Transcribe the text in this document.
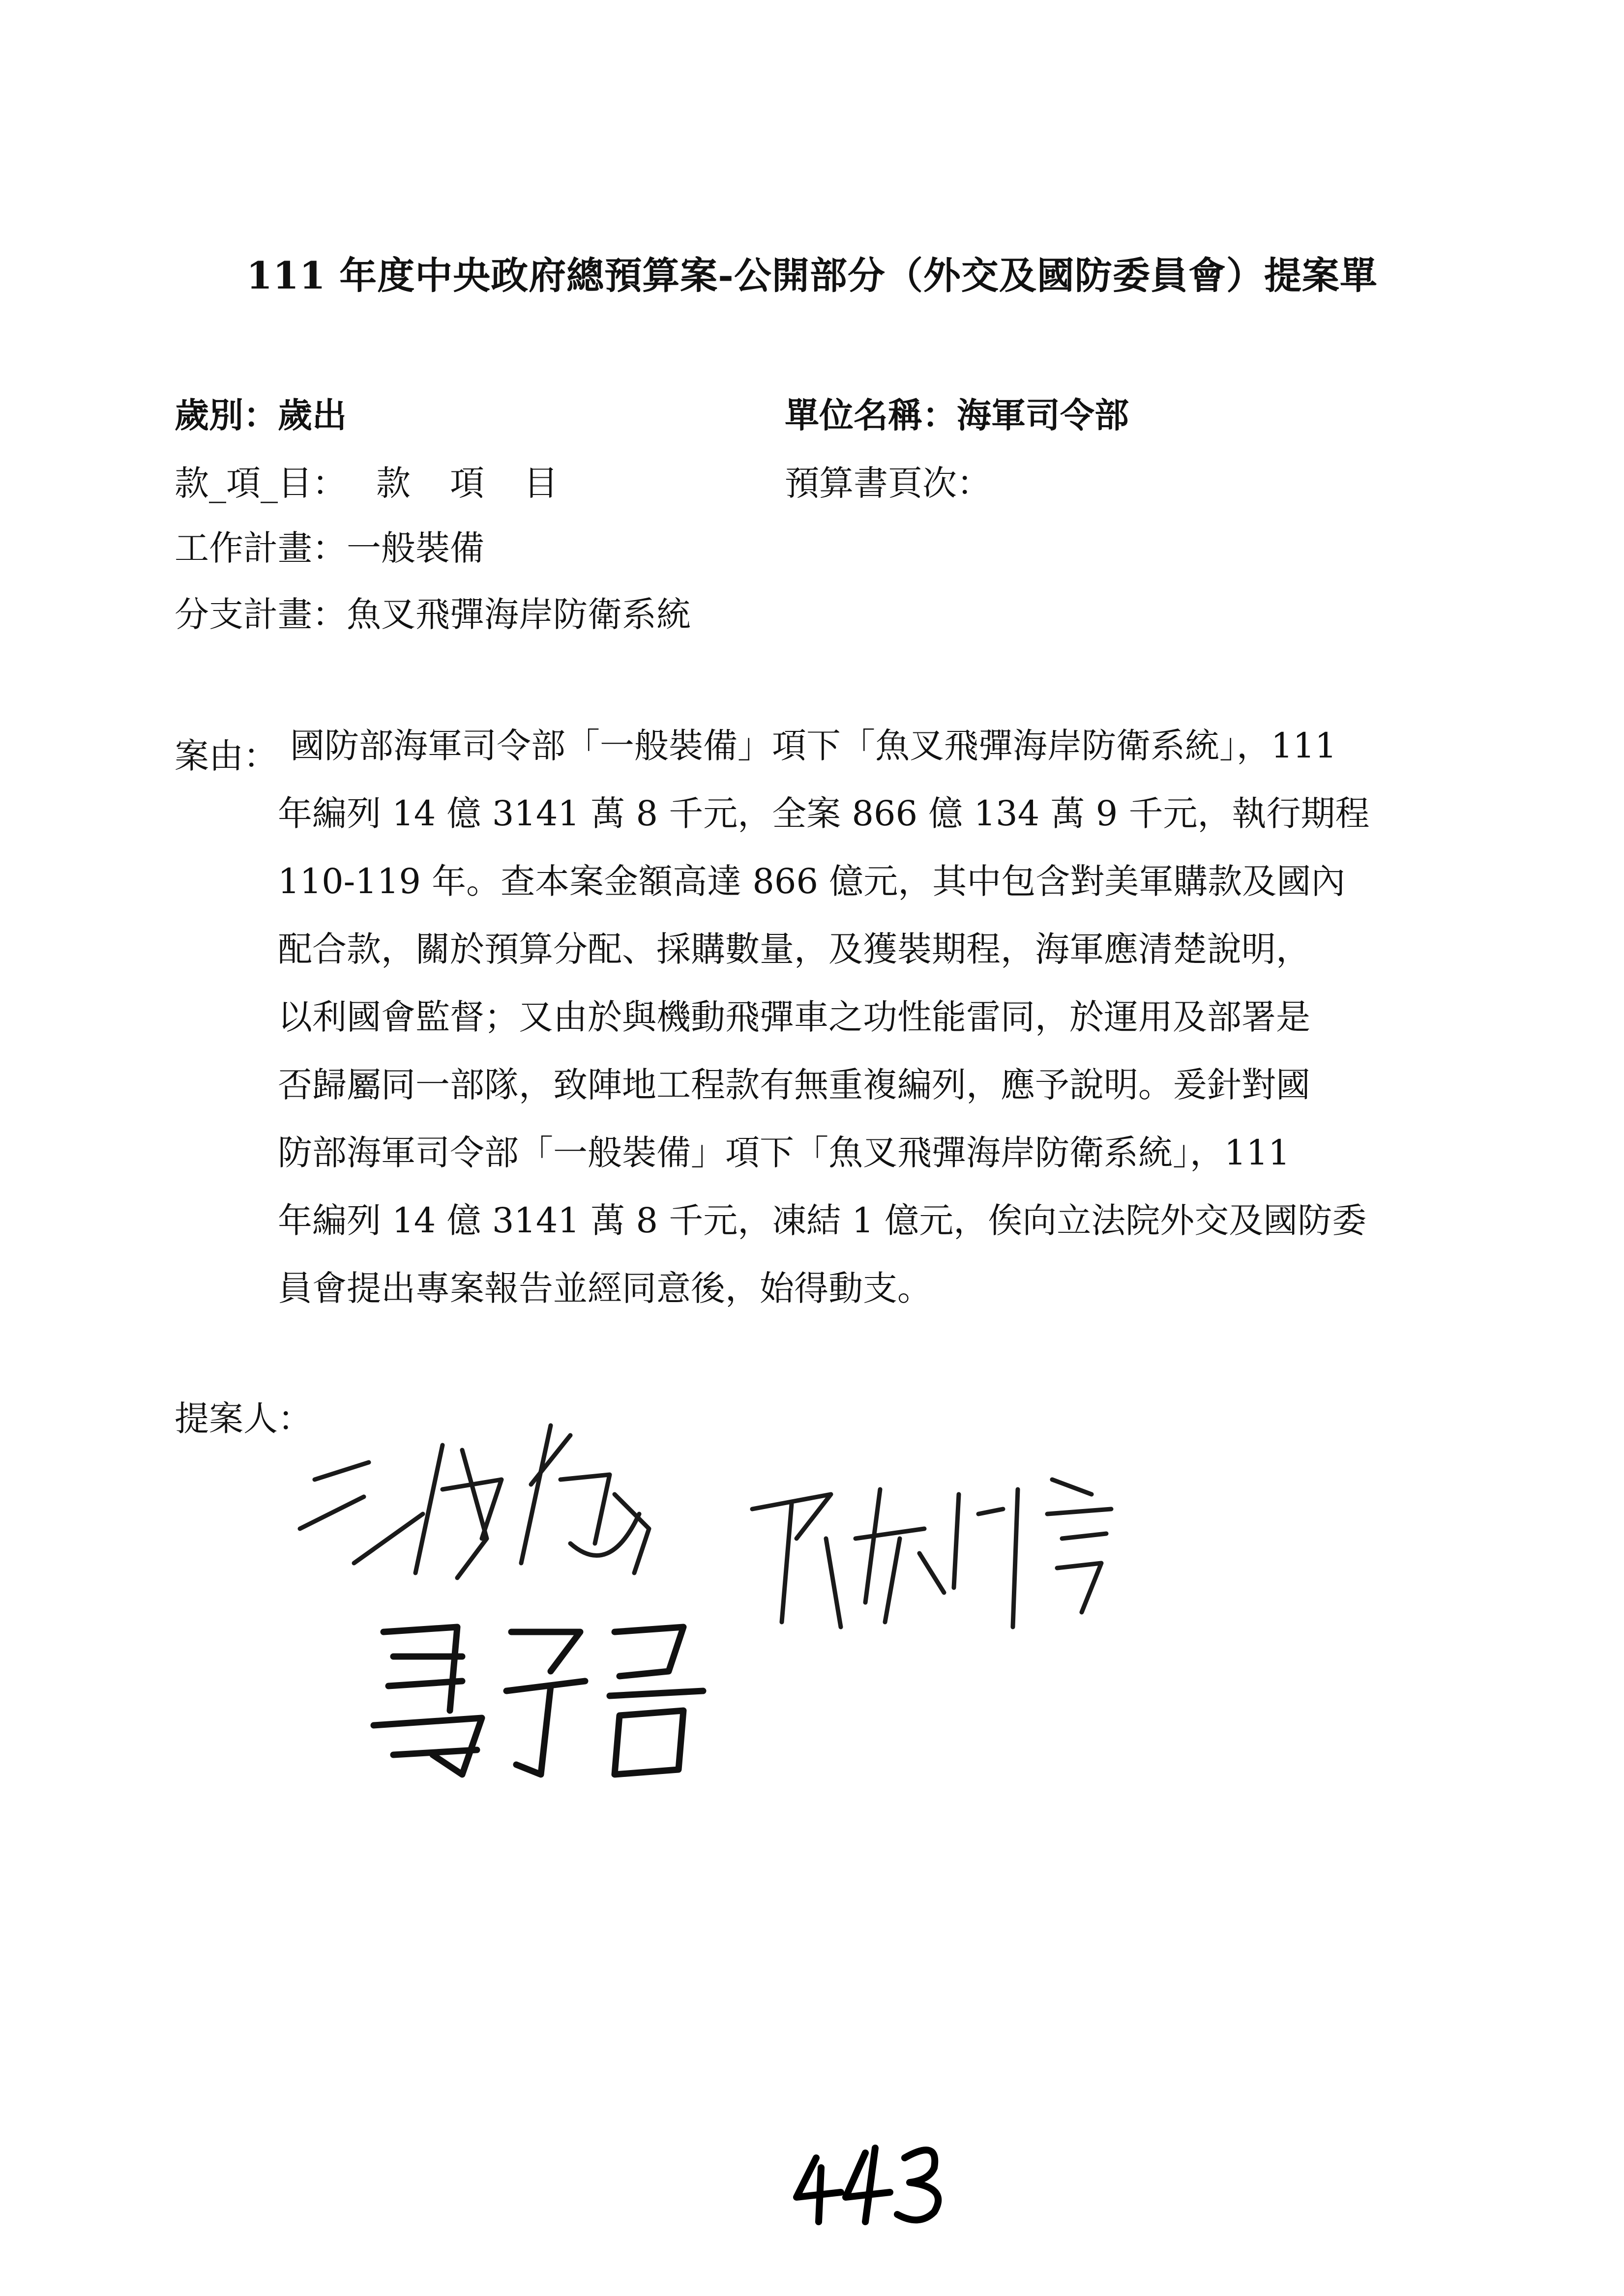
111 年度中央政府總預算案-公開部分（外交及國防委員會）提案單
歲別：歲出	單位名稱：海軍司令部
款_項_目： 款 項 目	預算書頁次：
工作計畫：一般裝備
分支計畫：魚叉飛彈海岸防衛系統
案由： 國防部海軍司令部「一般裝備」項下「魚叉飛彈海岸防衛系統」，111
年編列 14 億 3141 萬 8 千元，全案 866 億 134 萬 9 千元，執行期程
110-119 年。查本案金額高達 866 億元，其中包含對美軍購款及國內
配合款，關於預算分配、採購數量，及獲裝期程，海軍應清楚說明，
以利國會監督；又由於與機動飛彈車之功性能雷同，於運用及部署是
否歸屬同一部隊，致陣地工程款有無重複編列，應予說明。爰針對國
防部海軍司令部「一般裝備」項下「魚叉飛彈海岸防衛系統」，111
年編列 14 億 3141 萬 8 千元，凍結 1 億元，俟向立法院外交及國防委
員會提出專案報告並經同意後，始得動支。
提案人：
